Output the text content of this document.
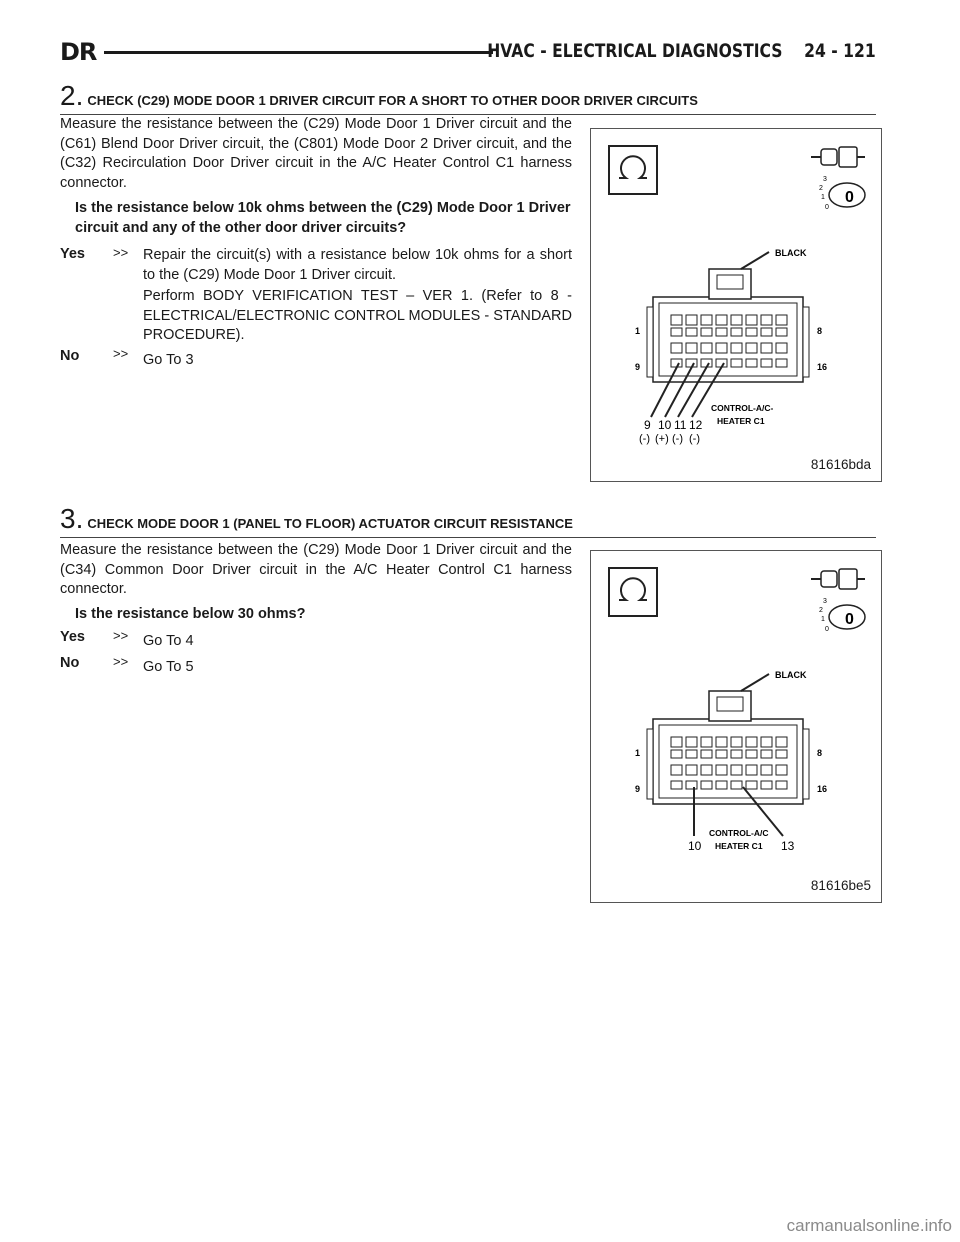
DR	HVAC - ELECTRICAL DIAGNOSTICS 24 - 121
2. CHECK (C29) MODE DOOR 1 DRIVER CIRCUIT FOR A SHORT TO OTHER DOOR DRIVER CIRCUITS
Measure the resistance between the (C29) Mode Door 1 Driver circuit and the (C61) Blend Door Driver circuit, the (C801) Mode Door 2 Driver circuit, and the (C32) Recirculation Door Driver circuit in the A/C Heater Control C1 harness connector.
Is the resistance below 10k ohms between the (C29) Mode Door 1 Driver circuit and any of the other door driver circuits?
Yes >> Repair the circuit(s) with a resistance below 10k ohms for a short to the (C29) Mode Door 1 Driver circuit.
Perform BODY VERIFICATION TEST – VER 1. (Refer to 8 - ELECTRICAL/ELECTRONIC CONTROL MODULES - STANDARD PROCEDURE).
No	>> Go To 3
3
2
1
0
0
BLACK
1	8
9	16
CONTROL-A/C-
HEATER C1
9 10 11 12
(-) (+) (-) (-)
81616bda
3. CHECK MODE DOOR 1 (PANEL TO FLOOR) ACTUATOR CIRCUIT RESISTANCE
Measure the resistance between the (C29) Mode Door 1 Driver circuit and the (C34) Common Door Driver circuit in the A/C Heater Control C1 harness connector.
Is the resistance below 30 ohms?
Yes >> Go To 4
No	>> Go To 5
3
2
1
0
0
BLACK
1	8
9	16
CONTROL-A/C
HEATER C1
10	13
81616be5
carmanualsonline.info
